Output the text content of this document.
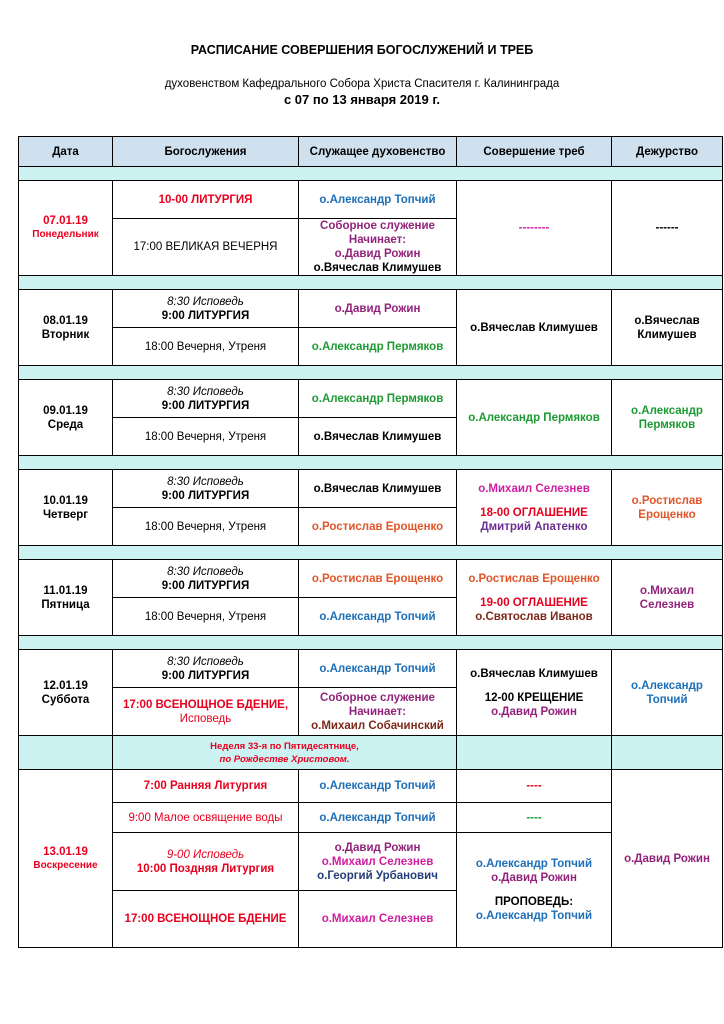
РАСПИСАНИЕ СОВЕРШЕНИЯ БОГОСЛУЖЕНИЙ И ТРЕБ
духовенством Кафедрального Собора Христа Спасителя г. Калининграда
с 07 по 13 января 2019 г.
Дата	Богослужения	Служащее духовенство	Совершение треб	Дежурство

07.01.19
Понедельник	10-00 ЛИТУРГИЯ	о.Александр Топчий	--------	------
	17:00 ВЕЛИКАЯ ВЕЧЕРНЯ	Соборное служение
Начинает:
о.Давид Рожин
о.Вячеслав Климушев		

08.01.19
Вторник	8:30 Исповедь
9:00 ЛИТУРГИЯ	о.Давид Рожин	о.Вячеслав Климушев	о.Вячеслав Климушев
	18:00 Вечерня, Утреня	о.Александр Пермяков		

09.01.19
Среда	8:30 Исповедь
9:00 ЛИТУРГИЯ	о.Александр Пермяков	о.Александр Пермяков	о.Александр Пермяков
	18:00 Вечерня, Утреня	о.Вячеслав Климушев		

10.01.19
Четверг	8:30 Исповедь
9:00 ЛИТУРГИЯ	о.Вячеслав Климушев	о.Михаил Селезнев
18-00 ОГЛАШЕНИЕ
Дмитрий Апатенко	о.Ростислав Ерощенко
	18:00 Вечерня, Утреня	о.Ростислав Ерощенко		

11.01.19
Пятница	8:30 Исповедь
9:00 ЛИТУРГИЯ	о.Ростислав Ерощенко	о.Ростислав Ерощенко
19-00 ОГЛАШЕНИЕ
о.Святослав Иванов	о.Михаил Селезнев
	18:00 Вечерня, Утреня	о.Александр Топчий		

12.01.19
Суббота	8:30 Исповедь
9:00 ЛИТУРГИЯ	о.Александр Топчий	о.Вячеслав Климушев
12-00 КРЕЩЕНИЕ
о.Давид Рожин	о.Александр Топчий

	17:00 ВСЕНОЩНОЕ БДЕНИЕ,
Исповедь	Соборное служение
Начинает:
о.Михаил Собачинский		

	Неделя 33-я по Пятидесятнице,
по Рождестве Христовом.			

13.01.19
Воскресение	7:00 Ранняя Литургия	о.Александр Топчий	----	о.Давид Рожин
	9:00 Малое освящение воды	о.Александр Топчий	----	

	9-00 Исповедь
10:00 Поздняя Литургия	о.Давид Рожин
о.Михаил Селезнев
о.Георгий Урбанович	о.Александр Топчий
о.Давид Рожин
ПРОПОВЕДЬ:
о.Александр Топчий	

	17:00 ВСЕНОЩНОЕ БДЕНИЕ	о.Михаил Селезнев		
